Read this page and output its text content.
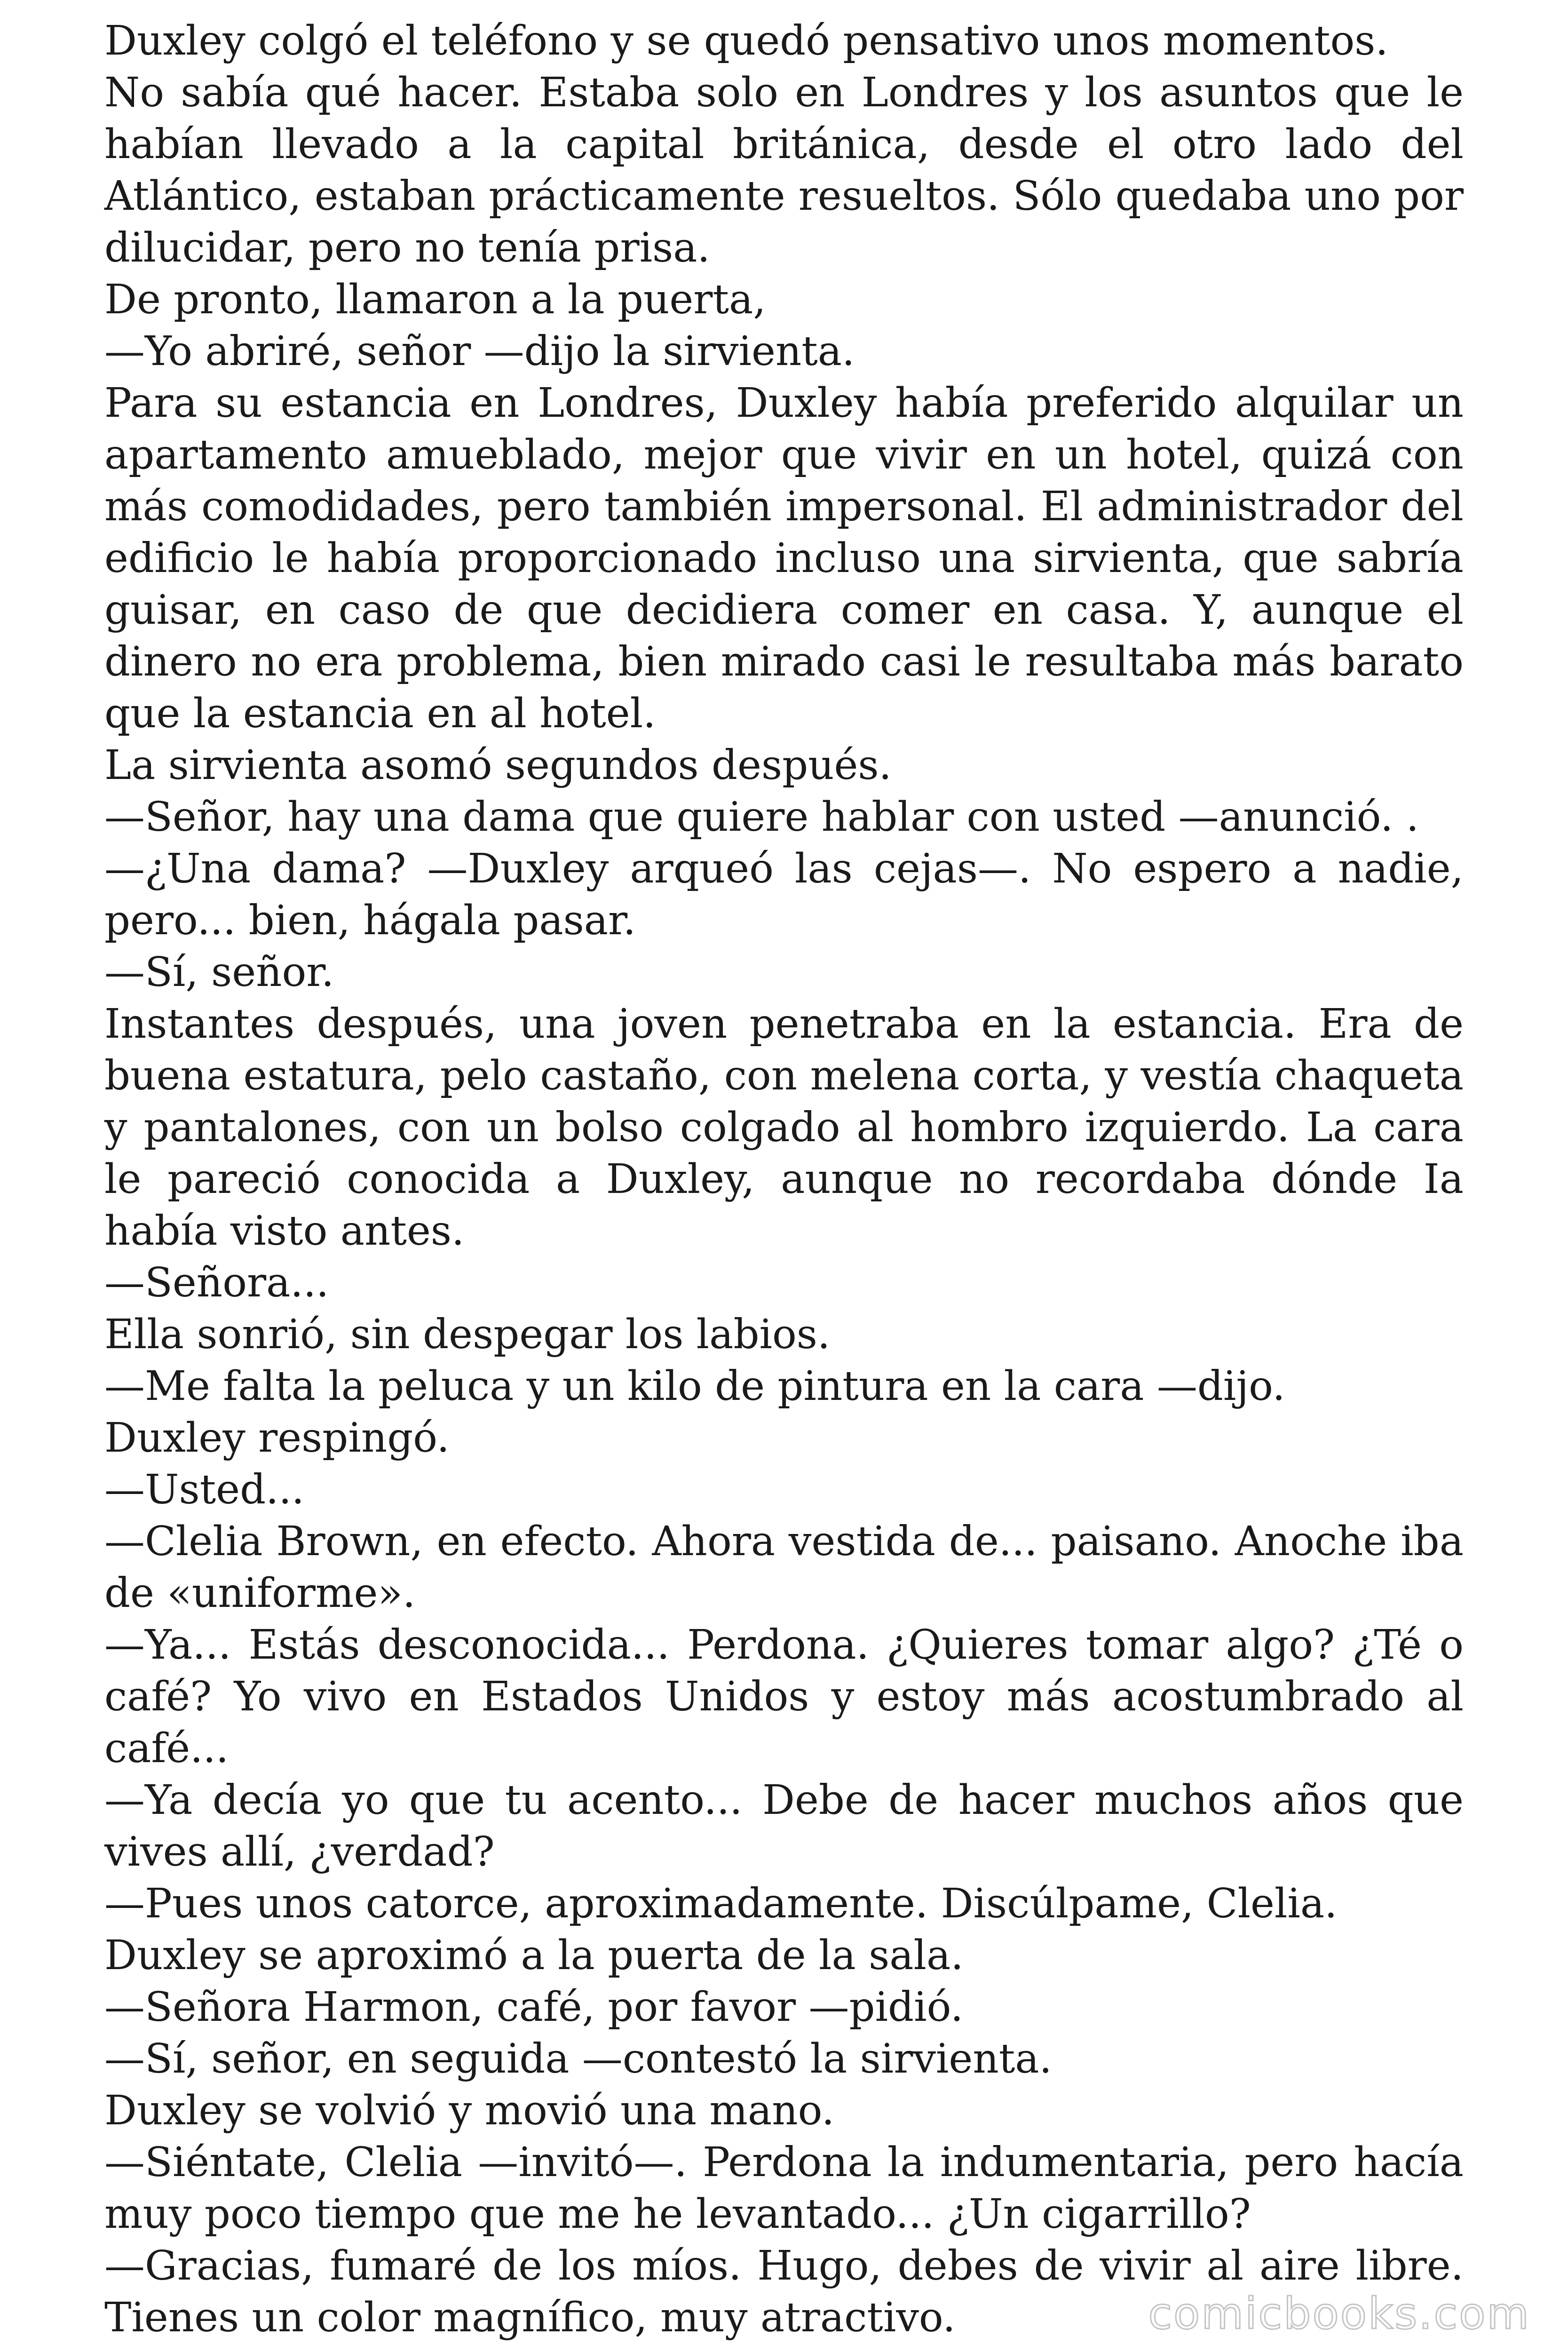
Duxley colgó el teléfono y se quedó pensativo unos momentos.

No sabía qué hacer. Estaba solo en Londres y los asuntos que le habían llevado a la capital británica, desde el otro lado del Atlántico, estaban prácticamente resueltos. Sólo quedaba uno por dilucidar, pero no tenía prisa.

De pronto, llamaron a la puerta,

—Yo abriré, señor —dijo la sirvienta.

Para su estancia en Londres, Duxley había preferido alquilar un apartamento amueblado, mejor que vivir en un hotel, quizá con más comodidades, pero también impersonal. El administrador del edificio le había proporcionado incluso una sirvienta, que sabría guisar, en caso de que decidiera comer en casa. Y, aunque el dinero no era problema, bien mirado casi le resultaba más barato que la estancia en al hotel.

La sirvienta asomó segundos después.

—Señor, hay una dama que quiere hablar con usted —anunció. .

—¿Una dama? —Duxley arqueó las cejas—. No espero a nadie, pero... bien, hágala pasar.

—Sí, señor.

Instantes después, una joven penetraba en la estancia. Era de buena estatura, pelo castaño, con melena corta, y vestía chaqueta y pantalones, con un bolso colgado al hombro izquierdo. La cara le pareció conocida a Duxley, aunque no recordaba dónde Ia había visto antes.

—Señora...

Ella sonrió, sin despegar los labios.

—Me falta la peluca y un kilo de pintura en la cara —dijo.

Duxley respingó.

—Usted...

—Clelia Brown, en efecto. Ahora vestida de... paisano. Anoche iba de «uniforme».

—Ya... Estás desconocida... Perdona. ¿Quieres tomar algo? ¿Té o café? Yo vivo en Estados Unidos y estoy más acostumbrado al café...

—Ya decía yo que tu acento... Debe de hacer muchos años que vives allí, ¿verdad?

—Pues unos catorce, aproximadamente. Discúlpame, Clelia.

Duxley se aproximó a la puerta de la sala.

—Señora Harmon, café, por favor —pidió.

—Sí, señor, en seguida —contestó la sirvienta.

Duxley se volvió y movió una mano.

—Siéntate, Clelia —invitó—. Perdona la indumentaria, pero hacía muy poco tiempo que me he levantado... ¿Un cigarrillo?

—Gracias, fumaré de los míos. Hugo, debes de vivir al aire libre. Tienes un color magnífico, muy atractivo.	comicbooks.com
